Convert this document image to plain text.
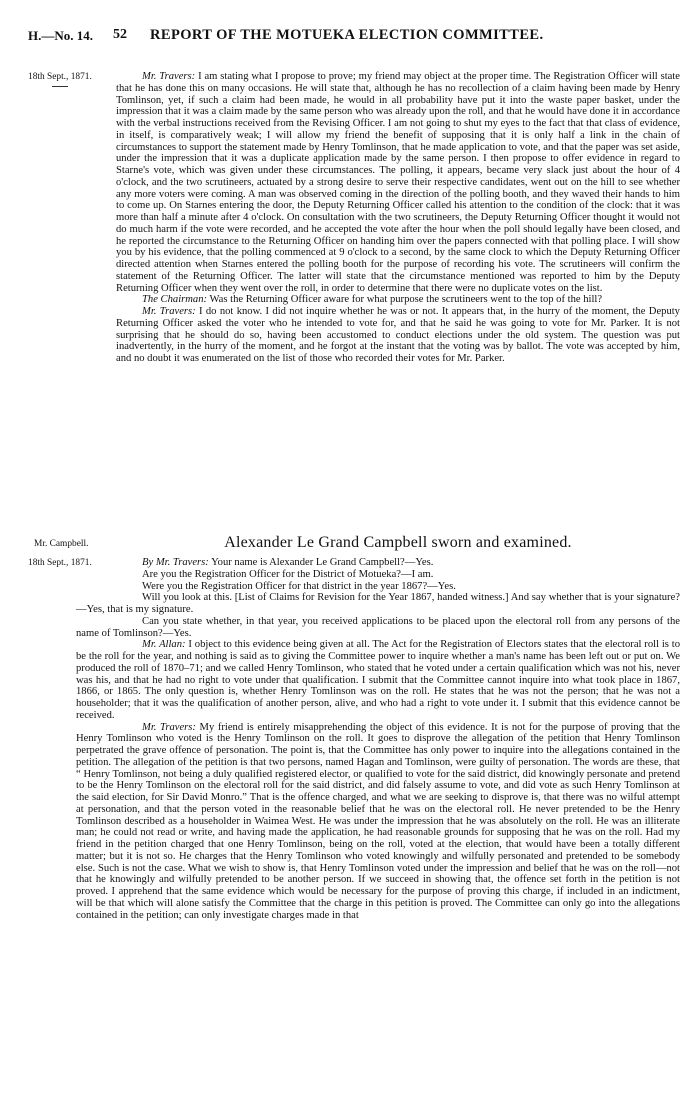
H.—No. 14. 52 REPORT OF THE MOTUEKA ELECTION COMMITTEE.
18th Sept., 1871.	Mr. Travers: I am stating what I propose to prove; my friend may object at the proper time. The Registration Officer will state that he has done this on many occasions. He will state that, although he has no recollection of a claim having been made by Henry Tomlinson, yet, if such a claim had been made, he would in all probability have put it into the waste paper basket, under the impression that it was a claim made by the same person who was already upon the roll, and that he would have done it in accordance with the verbal instructions received from the Revising Officer. I am not going to shut my eyes to the fact that that class of evidence, in itself, is comparatively weak; I will allow my friend the benefit of supposing that it is only half a link in the chain of circumstances to support the statement made by Henry Tomlinson, that he made application to vote, and that the paper was set aside, under the impression that it was a duplicate application made by the same person. I then propose to offer evidence in regard to Starne's vote, which was given under these circumstances. The polling, it appears, became very slack just about the hour of 4 o'clock, and the two scrutineers, actuated by a strong desire to serve their respective candidates, went out on the hill to see whether any more voters were coming. A man was observed coming in the direction of the polling booth, and they waved their hands to him to come up. On Starnes entering the door, the Deputy Returning Officer called his attention to the condition of the clock: that it was more than half a minute after 4 o'clock. On consultation with the two scrutineers, the Deputy Returning Officer thought it would not do much harm if the vote were recorded, and he accepted the vote after the hour when the poll should legally have been closed, and he reported the circumstance to the Returning Officer on handing him over the papers connected with that polling place. I will show you by his evidence, that the polling commenced at 9 o'clock to a second, by the same clock to which the Deputy Returning Officer directed attention when Starnes entered the polling booth for the purpose of recording his vote. The scrutineers will confirm the statement of the Returning Officer. The latter will state that the circumstance mentioned was reported to him by the Deputy Returning Officer when they went over the roll, in order to determine that there were no duplicate votes on the list.

The Chairman: Was the Returning Officer aware for what purpose the scrutineers went to the top of the hill?

Mr. Travers: I do not know. I did not inquire whether he was or not. It appears that, in the hurry of the moment, the Deputy Returning Officer asked the voter who he intended to vote for, and that he said he was going to vote for Mr. Parker. It is not surprising that he should do so, having been accustomed to conduct elections under the old system. The question was put inadvertently, in the hurry of the moment, and he forgot at the instant that the voting was by ballot. The vote was accepted by him, and no doubt it was enumerated on the list of those who recorded their votes for Mr. Parker.

Mr. Campbell.	Alexander Le Grand Campbell sworn and examined.
18th Sept., 1871.	By Mr. Travers: Your name is Alexander Le Grand Campbell?—Yes.

Are you the Registration Officer for the District of Motueka?—I am.

Were you the Registration Officer for that district in the year 1867?—Yes.

Will you look at this. [List of Claims for Revision for the Year 1867, handed witness.] And say whether that is your signature?—Yes, that is my signature.

Can you state whether, in that year, you received applications to be placed upon the electoral roll from any persons of the name of Tomlinson?—Yes.

Mr. Allan: I object to this evidence being given at all. The Act for the Registration of Electors states that the electoral roll is to be the roll for the year, and nothing is said as to giving the Committee power to inquire whether a man's name has been left out or put on. We produced the roll of 1870–71; and we called Henry Tomlinson, who stated that he voted under a certain qualification which was not his, never was his, and that he had no right to vote under that qualification. I submit that the Committee cannot inquire into what took place in 1867, 1866, or 1865. The only question is, whether Henry Tomlinson was on the roll. He states that he was not the person; that he was not a householder; that it was the qualification of another person, alive, and who had a right to vote under it. I submit that this evidence cannot be received.

Mr. Travers: My friend is entirely misapprehending the object of this evidence. It is not for the purpose of proving that the Henry Tomlinson who voted is the Henry Tomlinson on the roll. It goes to disprove the allegation of the petition that Henry Tomlinson perpetrated the grave offence of personation. The point is, that the Committee has only power to inquire into the allegations contained in the petition. The allegation of the petition is that two persons, named Hagan and Tomlinson, were guilty of personation. The words are these, that “ Henry Tomlinson, not being a duly qualified registered elector, or qualified to vote for the said district, did knowingly personate and pretend to be the Henry Tomlinson on the electoral roll for the said district, and did falsely assume to vote, and did vote as such Henry Tomlinson at the said election, for Sir David Monro.” That is the offence charged, and what we are seeking to disprove is, that there was no wilful attempt at personation, and that the person voted in the reasonable belief that he was on the electoral roll. He never pretended to be the Henry Tomlinson described as a householder in Waimea West. He was under the impression that he was absolutely on the roll. He was an illiterate man; he could not read or write, and having made the application, he had reasonable grounds for supposing that he was on the roll. Had my friend in the petition charged that one Henry Tomlinson, being on the roll, voted at the election, that would have been a totally different matter; but it is not so. He charges that the Henry Tomlinson who voted knowingly and wilfully personated and pretended to be somebody else. Such is not the case. What we wish to show is, that Henry Tomlinson voted under the impression and belief that he was on the roll—not that he knowingly and wilfully pretended to be another person. If we succeed in showing that, the offence set forth in the petition is not proved. I apprehend that the same evidence which would be necessary for the purpose of proving this charge, if included in an indictment, will be that which will alone satisfy the Committee that the charge in this petition is proved. The Committee can only go into the allegations contained in the petition; can only investigate charges made in that
